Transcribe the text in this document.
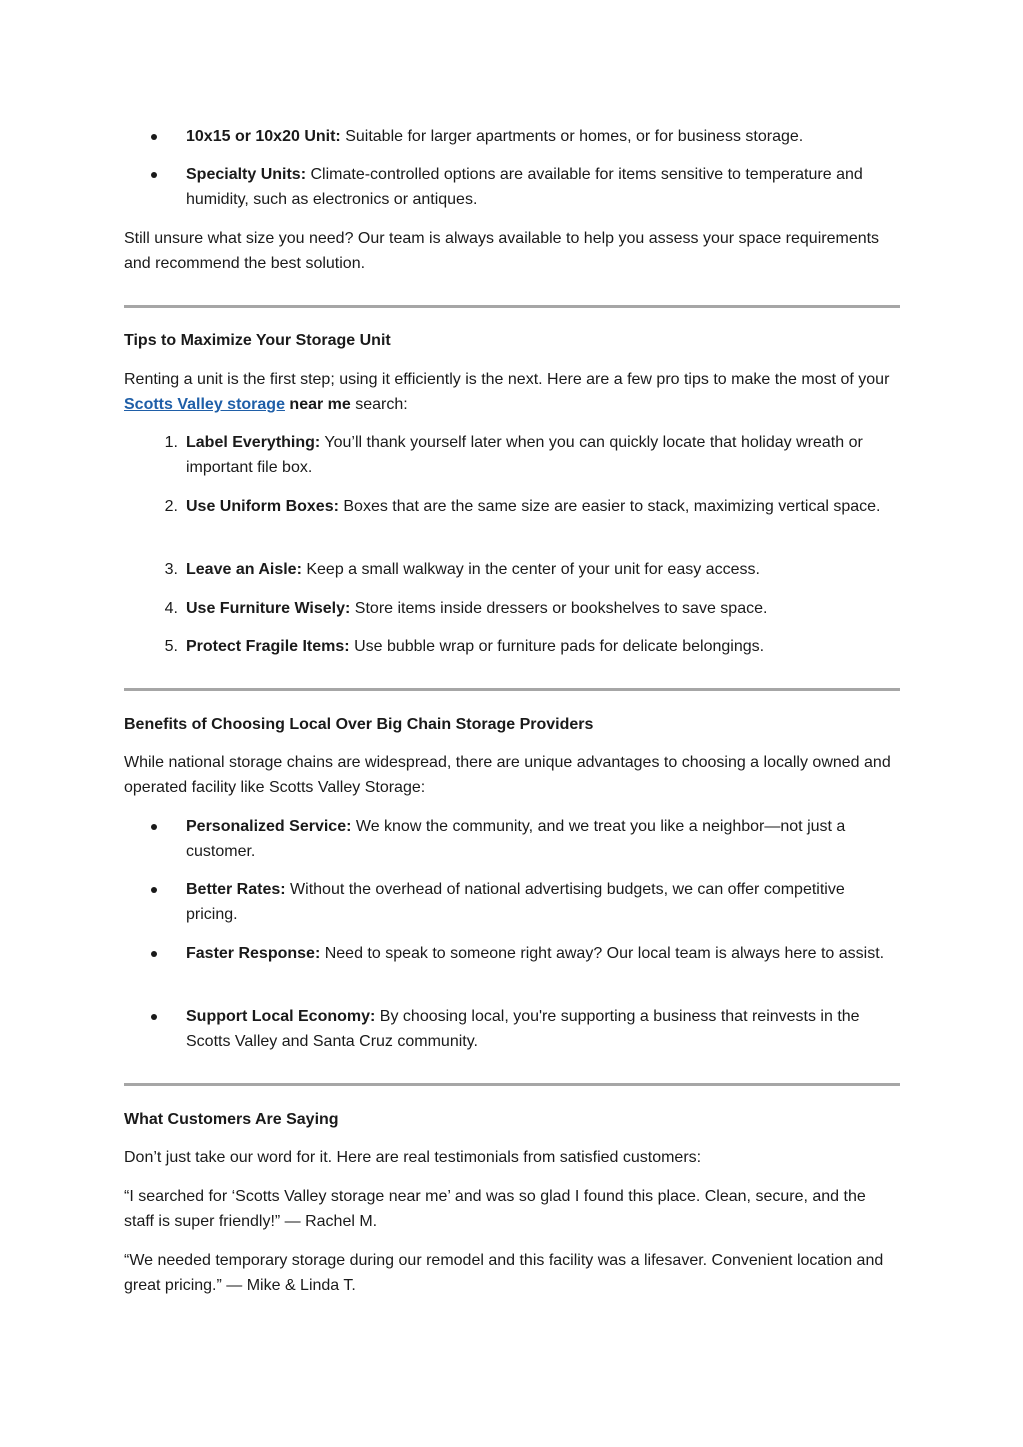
10x15 or 10x20 Unit: Suitable for larger apartments or homes, or for business storage.

Specialty Units: Climate-controlled options are available for items sensitive to temperature and humidity, such as electronics or antiques.

Still unsure what size you need? Our team is always available to help you assess your space requirements and recommend the best solution.

Tips to Maximize Your Storage Unit

Renting a unit is the first step; using it efficiently is the next. Here are a few pro tips to make the most of your Scotts Valley storage near me search:

1. Label Everything: You’ll thank yourself later when you can quickly locate that holiday wreath or important file box.

2. Use Uniform Boxes: Boxes that are the same size are easier to stack, maximizing vertical space.

3. Leave an Aisle: Keep a small walkway in the center of your unit for easy access.

4. Use Furniture Wisely: Store items inside dressers or bookshelves to save space.

5. Protect Fragile Items: Use bubble wrap or furniture pads for delicate belongings.

Benefits of Choosing Local Over Big Chain Storage Providers

While national storage chains are widespread, there are unique advantages to choosing a locally owned and operated facility like Scotts Valley Storage:

Personalized Service: We know the community, and we treat you like a neighbor—not just a customer.

Better Rates: Without the overhead of national advertising budgets, we can offer competitive pricing.

Faster Response: Need to speak to someone right away? Our local team is always here to assist.

Support Local Economy: By choosing local, you're supporting a business that reinvests in the Scotts Valley and Santa Cruz community.

What Customers Are Saying

Don’t just take our word for it. Here are real testimonials from satisfied customers:

“I searched for ‘Scotts Valley storage near me’ and was so glad I found this place. Clean, secure, and the staff is super friendly!” — Rachel M.

“We needed temporary storage during our remodel and this facility was a lifesaver. Convenient location and great pricing.” — Mike & Linda T.
